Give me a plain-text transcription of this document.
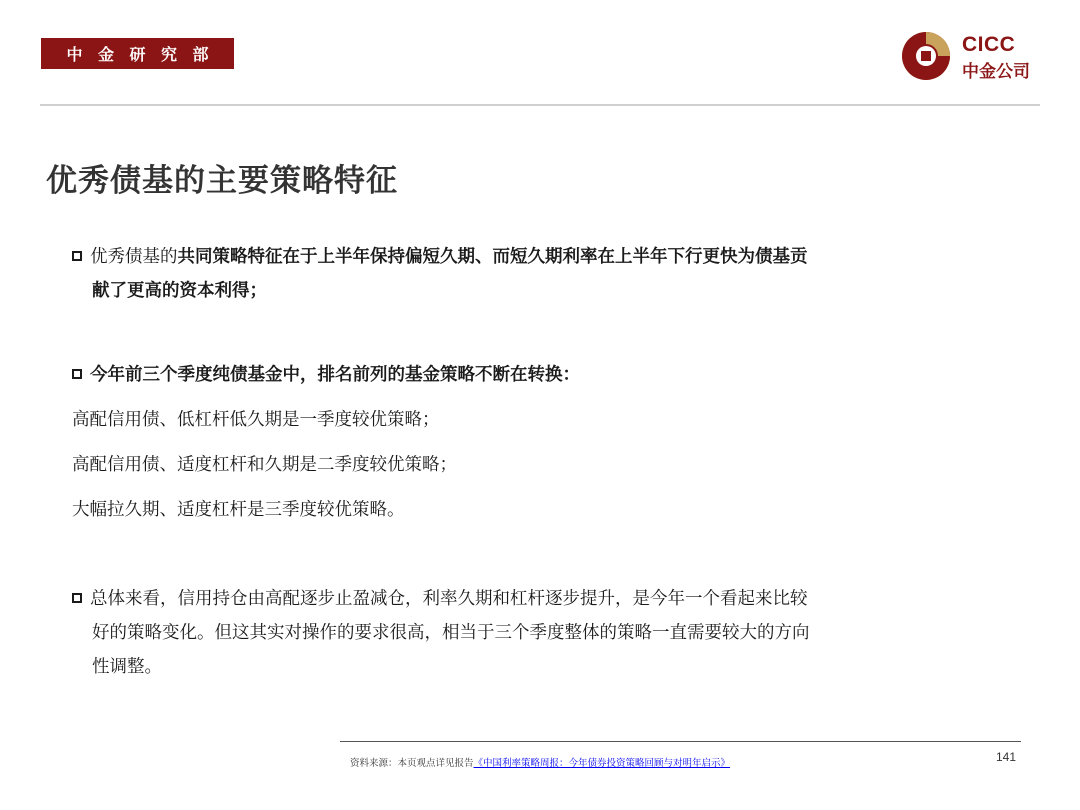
中 金 研 究 部	CICC
中金公司
优秀债基的主要策略特征
优秀债基的共同策略特征在于上半年保持偏短久期、而短久期利率在上半年下行更快为债基贡
献了更高的资本利得；
今年前三个季度纯债基金中，排名前列的基金策略不断在转换：
高配信用债、低杠杆低久期是一季度较优策略；
高配信用债、适度杠杆和久期是二季度较优策略；
大幅拉久期、适度杠杆是三季度较优策略。
总体来看，信用持仓由高配逐步止盈减仓，利率久期和杠杆逐步提升，是今年一个看起来比较
好的策略变化。但这其实对操作的要求很高，相当于三个季度整体的策略一直需要较大的方向
性调整。
资料来源：本页观点详见报告《中国利率策略周报：今年债券投资策略回顾与对明年启示》	141
